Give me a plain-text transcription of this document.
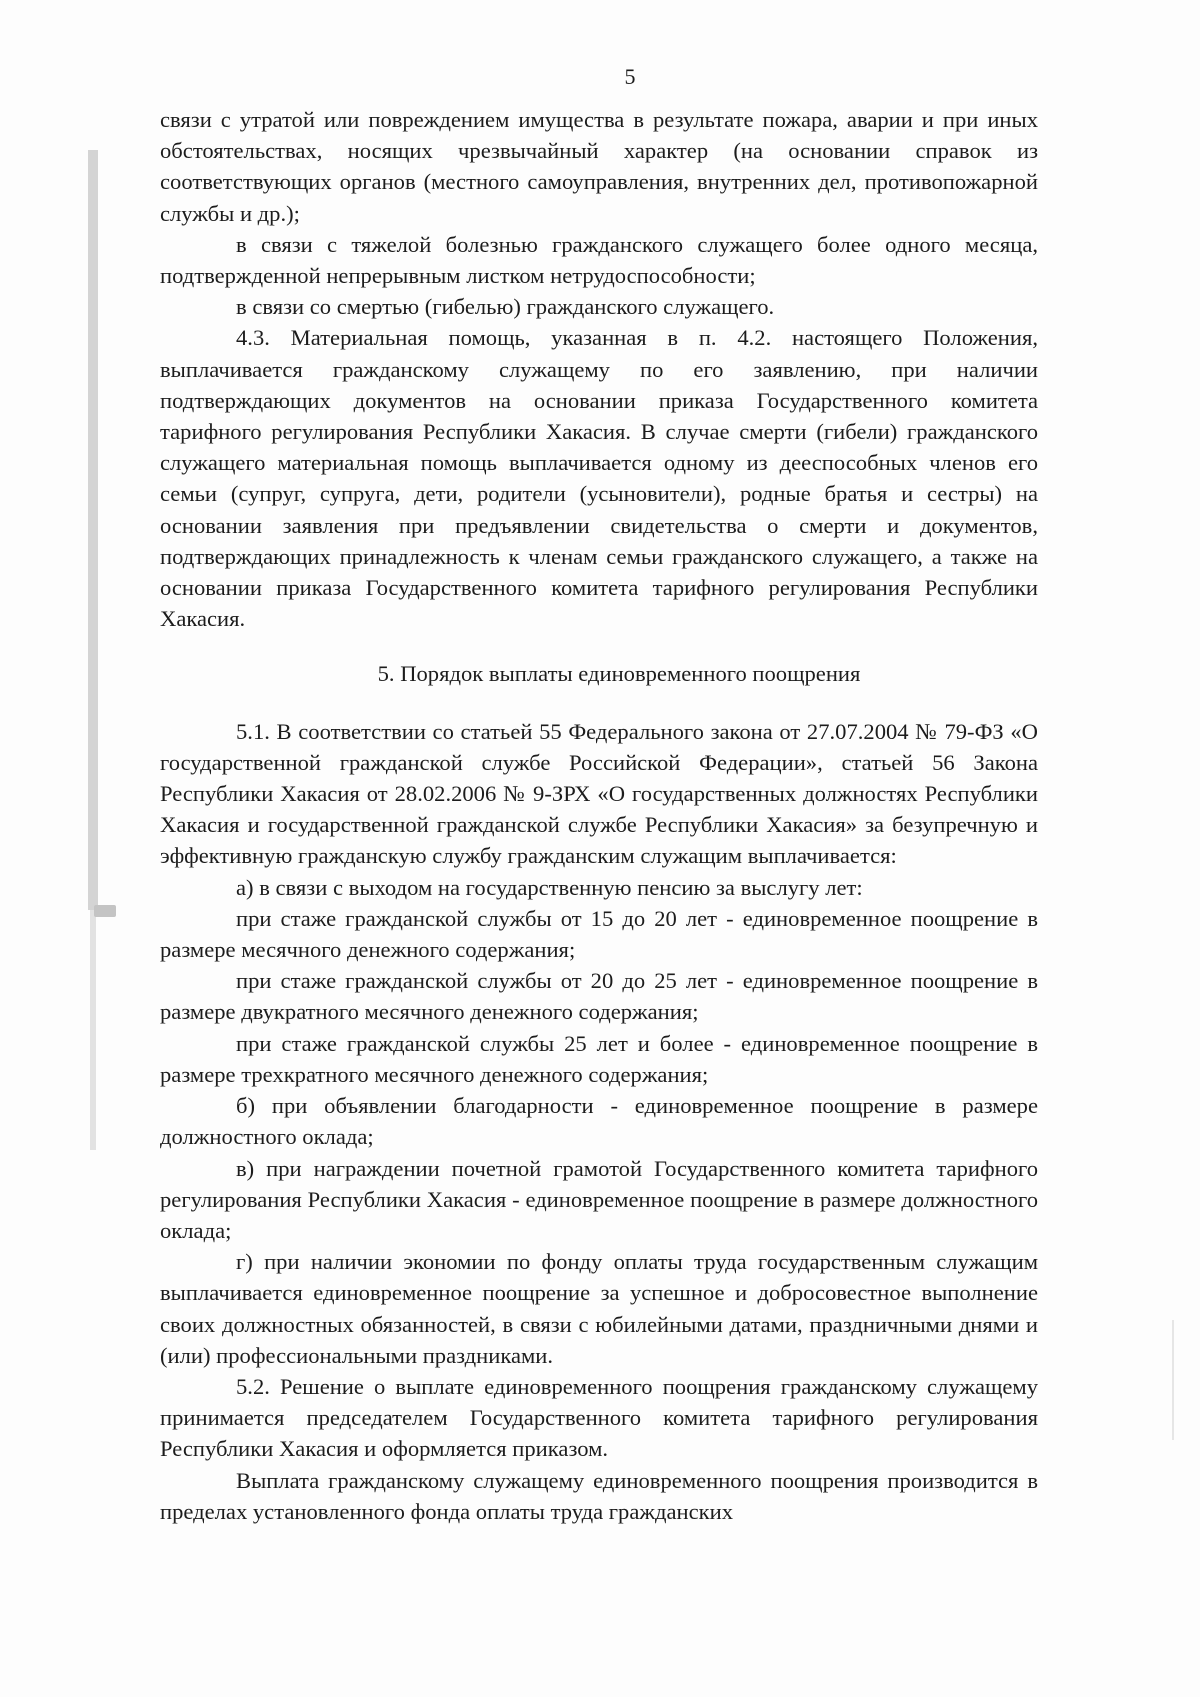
5

связи с утратой или повреждением имущества в результате пожара, аварии и при иных обстоятельствах, носящих чрезвычайный характер (на основании справок из соответствующих органов (местного самоуправления, внутренних дел, противопожарной службы и др.);

в связи с тяжелой болезнью гражданского служащего более одного месяца, подтвержденной непрерывным листком нетрудоспособности;

в связи со смертью (гибелью) гражданского служащего.

4.3. Материальная помощь, указанная в п. 4.2. настоящего Положения, выплачивается гражданскому служащему по его заявлению, при наличии подтверждающих документов на основании приказа Государственного комитета тарифного регулирования Республики Хакасия. В случае смерти (гибели) гражданского служащего материальная помощь выплачивается одному из дееспособных членов его семьи (супруг, супруга, дети, родители (усыновители), родные братья и сестры) на основании заявления при предъявлении свидетельства о смерти и документов, подтверждающих принадлежность к членам семьи гражданского служащего, а также на основании приказа Государственного комитета тарифного регулирования Республики Хакасия.

5. Порядок выплаты единовременного поощрения

5.1. В соответствии со статьей 55 Федерального закона от 27.07.2004 № 79-ФЗ «О государственной гражданской службе Российской Федерации», статьей 56 Закона Республики Хакасия от 28.02.2006 № 9-ЗРХ «О государственных должностях Республики Хакасия и государственной гражданской службе Республики Хакасия» за безупречную и эффективную гражданскую службу гражданским служащим выплачивается:

а) в связи с выходом на государственную пенсию за выслугу лет:

при стаже гражданской службы от 15 до 20 лет - единовременное поощрение в размере месячного денежного содержания;

при стаже гражданской службы от 20 до 25 лет - единовременное поощрение в размере двукратного месячного денежного содержания;

при стаже гражданской службы 25 лет и более - единовременное поощрение в размере трехкратного месячного денежного содержания;

б) при объявлении благодарности - единовременное поощрение в размере должностного оклада;

в) при награждении почетной грамотой Государственного комитета тарифного регулирования Республики Хакасия - единовременное поощрение в размере должностного оклада;

г) при наличии экономии по фонду оплаты труда государственным служащим выплачивается единовременное поощрение за успешное и добросовестное выполнение своих должностных обязанностей, в связи с юбилейными датами, праздничными днями и (или) профессиональными праздниками.

5.2. Решение о выплате единовременного поощрения гражданскому служащему принимается председателем Государственного комитета тарифного регулирования Республики Хакасия и оформляется приказом.

Выплата гражданскому служащему единовременного поощрения производится в пределах установленного фонда оплаты труда гражданских
